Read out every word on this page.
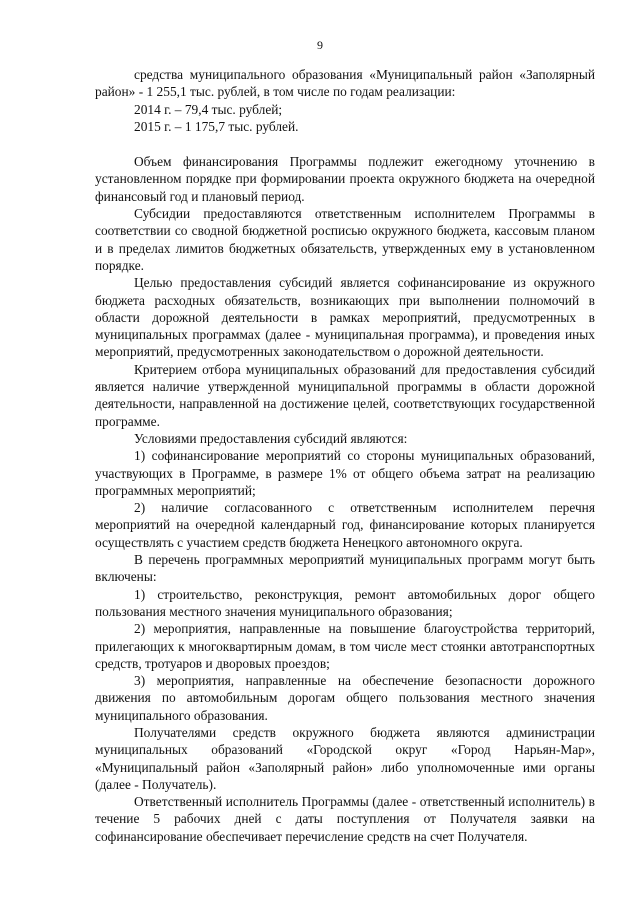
9

средства муниципального образования «Муниципальный район «Заполярный район» - 1 255,1 тыс. рублей, в том числе по годам реализации:

2014 г. – 79,4 тыс. рублей;

2015 г. – 1 175,7 тыс. рублей.

Объем финансирования Программы подлежит ежегодному уточнению в установленном порядке при формировании проекта окружного бюджета на очередной финансовый год и плановый период.

Субсидии предоставляются ответственным исполнителем Программы в соответствии со сводной бюджетной росписью окружного бюджета, кассовым планом и в пределах лимитов бюджетных обязательств, утвержденных ему в установленном порядке.

Целью предоставления субсидий является софинансирование из окружного бюджета расходных обязательств, возникающих при выполнении полномочий в области дорожной деятельности в рамках мероприятий, предусмотренных в муниципальных программах (далее - муниципальная программа), и проведения иных мероприятий, предусмотренных законодательством о дорожной деятельности.

Критерием отбора муниципальных образований для предоставления субсидий является наличие утвержденной муниципальной программы в области дорожной деятельности, направленной на достижение целей, соответствующих государственной программе.

Условиями предоставления субсидий являются:

1) софинансирование мероприятий со стороны муниципальных образований, участвующих в Программе, в размере 1% от общего объема затрат на реализацию программных мероприятий;

2) наличие согласованного с ответственным исполнителем перечня мероприятий на очередной календарный год, финансирование которых планируется осуществлять с участием средств бюджета Ненецкого автономного округа.

В перечень программных мероприятий муниципальных программ могут быть включены:

1) строительство, реконструкция, ремонт автомобильных дорог общего пользования местного значения муниципального образования;

2) мероприятия, направленные на повышение благоустройства территорий, прилегающих к многоквартирным домам, в том числе мест стоянки автотранспортных средств, тротуаров и дворовых проездов;

3) мероприятия, направленные на обеспечение безопасности дорожного движения по автомобильным дорогам общего пользования местного значения муниципального образования.

Получателями средств окружного бюджета являются администрации муниципальных образований «Городской округ «Город Нарьян-Мар», «Муниципальный район «Заполярный район» либо уполномоченные ими органы (далее - Получатель).

Ответственный исполнитель Программы (далее - ответственный исполнитель) в течение 5 рабочих дней с даты поступления от Получателя заявки на софинансирование обеспечивает перечисление средств на счет Получателя.
